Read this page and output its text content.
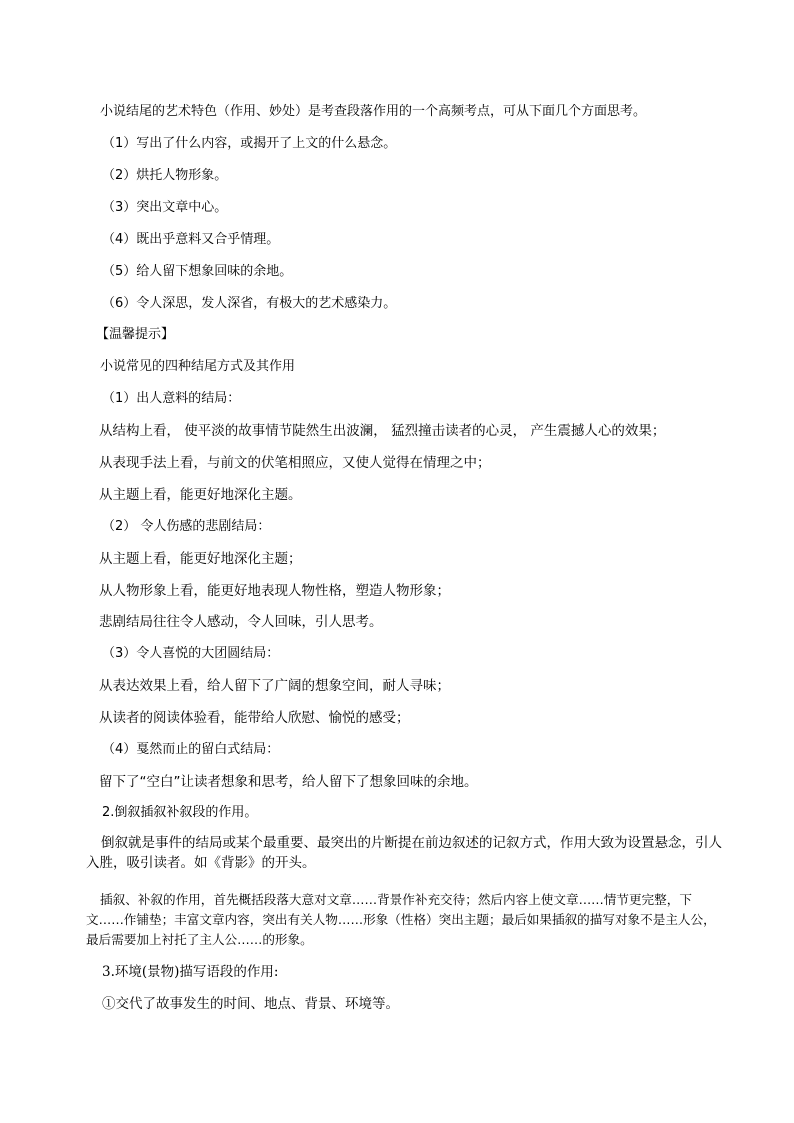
小说结尾的艺术特色（作用、妙处）是考查段落作用的一个高频考点，可从下面几个方面思考。
（1）写出了什么内容，或揭开了上文的什么悬念。
（2）烘托人物形象。
（3）突出文章中心。
（4）既出乎意料又合乎情理。
（5）给人留下想象回味的余地。
（6）令人深思，发人深省，有极大的艺术感染力。
【温馨提示】
小说常见的四种结尾方式及其作用
（1）出人意料的结局：
从结构上看， 使平淡的故事情节陡然生出波澜， 猛烈撞击读者的心灵， 产生震撼人心的效果；
从表现手法上看，与前文的伏笔相照应，又使人觉得在情理之中；
从主题上看，能更好地深化主题。
（2） 令人伤感的悲剧结局：
从主题上看，能更好地深化主题；
从人物形象上看，能更好地表现人物性格，塑造人物形象；
悲剧结局往往令人感动，令人回味，引人思考。
（3）令人喜悦的大团圆结局：
从表达效果上看，给人留下了广阔的想象空间，耐人寻味；
从读者的阅读体验看，能带给人欣慰、愉悦的感受；
（4）戛然而止的留白式结局：
留下了“空白”让读者想象和思考，给人留下了想象回味的余地。
2.倒叙插叙补叙段的作用。
倒叙就是事件的结局或某个最重要、最突出的片断提在前边叙述的记叙方式，作用大致为设置悬念，引人入胜，吸引读者。如《背影》的开头。
插叙、补叙的作用，首先概括段落大意对文章……背景作补充交待；然后内容上使文章……情节更完整，下文……作铺垫；丰富文章内容，突出有关人物……形象（性格）突出主题；最后如果插叙的描写对象不是主人公，最后需要加上衬托了主人公……的形象。
3.环境(景物)描写语段的作用:
①交代了故事发生的时间、地点、背景、环境等。
